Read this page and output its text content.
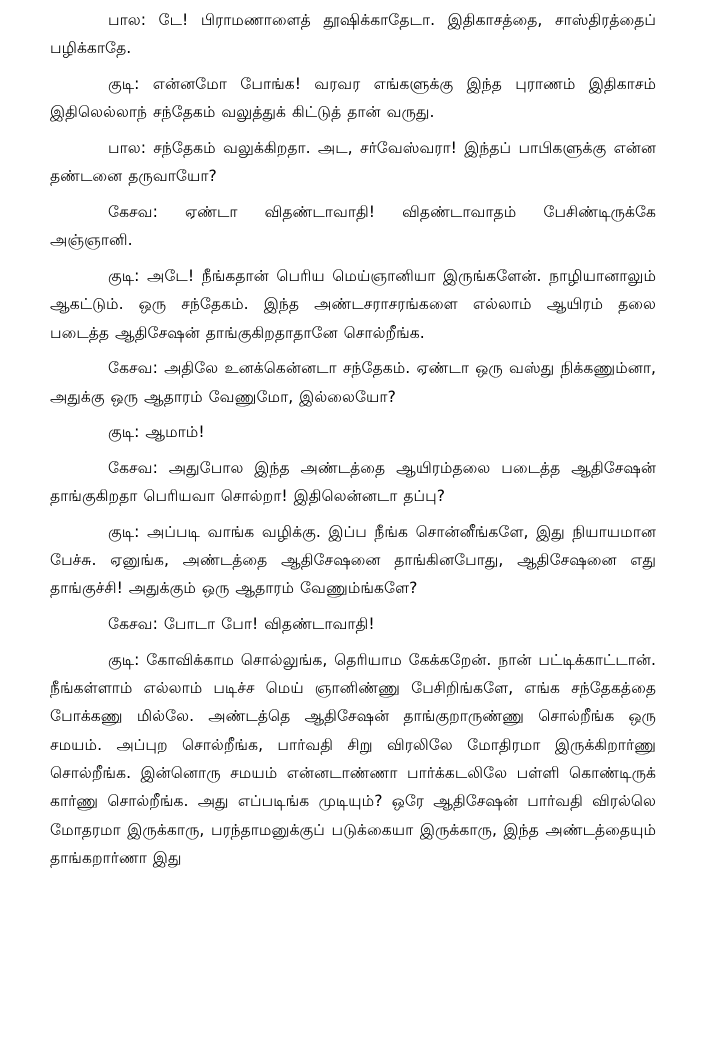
பால: டே! பிராமணாளைத் தூஷிக்காதேடா. இதிகாசத்தை, சாஸ்திரத்தைப் பழிக்காதே.

குடி: என்னமோ போங்க! வரவர எங்களுக்கு இந்த புராணம் இதிகாசம் இதிலெல்லாந் சந்தேகம் வலுத்துக் கிட்டுத் தான் வருது.

பால: சந்தேகம் வலுக்கிறதா. அட, சர்வேஸ்வரா! இந்தப் பாபிகளுக்கு என்ன தண்டனை தருவாயோ?

கேசவ: ஏண்டா விதண்டாவாதி! விதண்டாவாதம் பேசிண்டிருக்கே அஞ்ஞானி.

குடி: அடே! நீங்கதான் பெரிய மெய்ஞானியா இருங்களேன். நாழியானாலும் ஆகட்டும். ஒரு சந்தேகம். இந்த அண்டசராசரங்களை எல்லாம் ஆயிரம் தலை படைத்த ஆதிசேஷன் தாங்குகிறதாதானே சொல்றீங்க.

கேசவ: அதிலே உனக்கென்னடா சந்தேகம். ஏண்டா ஒரு வஸ்து நிக்கணும்னா, அதுக்கு ஒரு ஆதாரம் வேணுமோ, இல்லையோ?

குடி: ஆமாம்!

கேசவ: அதுபோல இந்த அண்டத்தை ஆயிரம்தலை படைத்த ஆதிசேஷன் தாங்குகிறதா பெரியவா சொல்றா! இதிலென்னடா தப்பு?

குடி: அப்படி வாங்க வழிக்கு. இப்ப நீங்க சொன்னீங்களே, இது நியாயமான பேச்சு. ஏனுங்க, அண்டத்தை ஆதிசேஷனை தாங்கினபோது, ஆதிசேஷனை எது தாங்குச்சி! அதுக்கும் ஒரு ஆதாரம் வேணும்ங்களே?

கேசவ: போடா போ! விதண்டாவாதி!

குடி: கோவிக்காம சொல்லுங்க, தெரியாம கேக்கறேன். நான் பட்டிக்காட்டான். நீங்கள்ளாம் எல்லாம் படிச்ச மெய் ஞானிண்ணு பேசிறிங்களே, எங்க சந்தேகத்தை போக்கணு மில்லே. அண்டத்தெ ஆதிசேஷன் தாங்குறாருண்ணு சொல்றீங்க ஒரு சமயம். அப்புற சொல்றீங்க, பார்வதி சிறு விரலிலே மோதிரமா இருக்கிறார்ணு சொல்றீங்க. இன்னொரு சமயம் என்னடாண்ணா பார்க்கடலிலே பள்ளி கொண்டிருக் கார்ணு சொல்றீங்க. அது எப்படிங்க முடியும்? ஒரே ஆதிசேஷன் பார்வதி விரல்லெ மோதரமா இருக்காரு, பரந்தாமனுக்குப் படுக்கையா இருக்காரு, இந்த அண்டத்தையும் தாங்கறார்ணா இது
